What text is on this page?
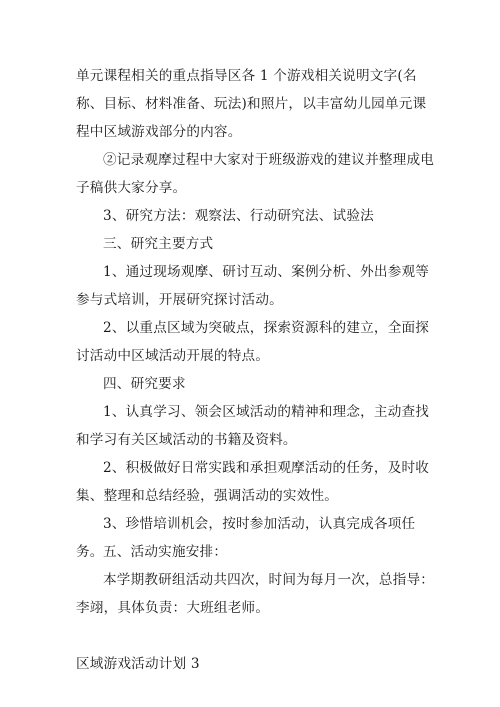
单元课程相关的重点指导区各 1 个游戏相关说明文字(名称、目标、材料准备、玩法)和照片，以丰富幼儿园单元课程中区域游戏部分的内容。

②记录观摩过程中大家对于班级游戏的建议并整理成电子稿供大家分享。

3、研究方法：观察法、行动研究法、试验法

三、研究主要方式

1、通过现场观摩、研讨互动、案例分析、外出参观等参与式培训，开展研究探讨活动。

2、以重点区域为突破点，探索资源科的建立，全面探讨活动中区域活动开展的特点。

四、研究要求

1、认真学习、领会区域活动的精神和理念，主动查找和学习有关区域活动的书籍及资料。

2、积极做好日常实践和承担观摩活动的任务，及时收集、整理和总结经验，强调活动的实效性。

3、珍惜培训机会，按时参加活动，认真完成各项任务。 五、活动实施安排：

本学期教研组活动共四次，时间为每月一次，总指导：李翊，具体负责：大班组老师。

区域游戏活动计划 3
